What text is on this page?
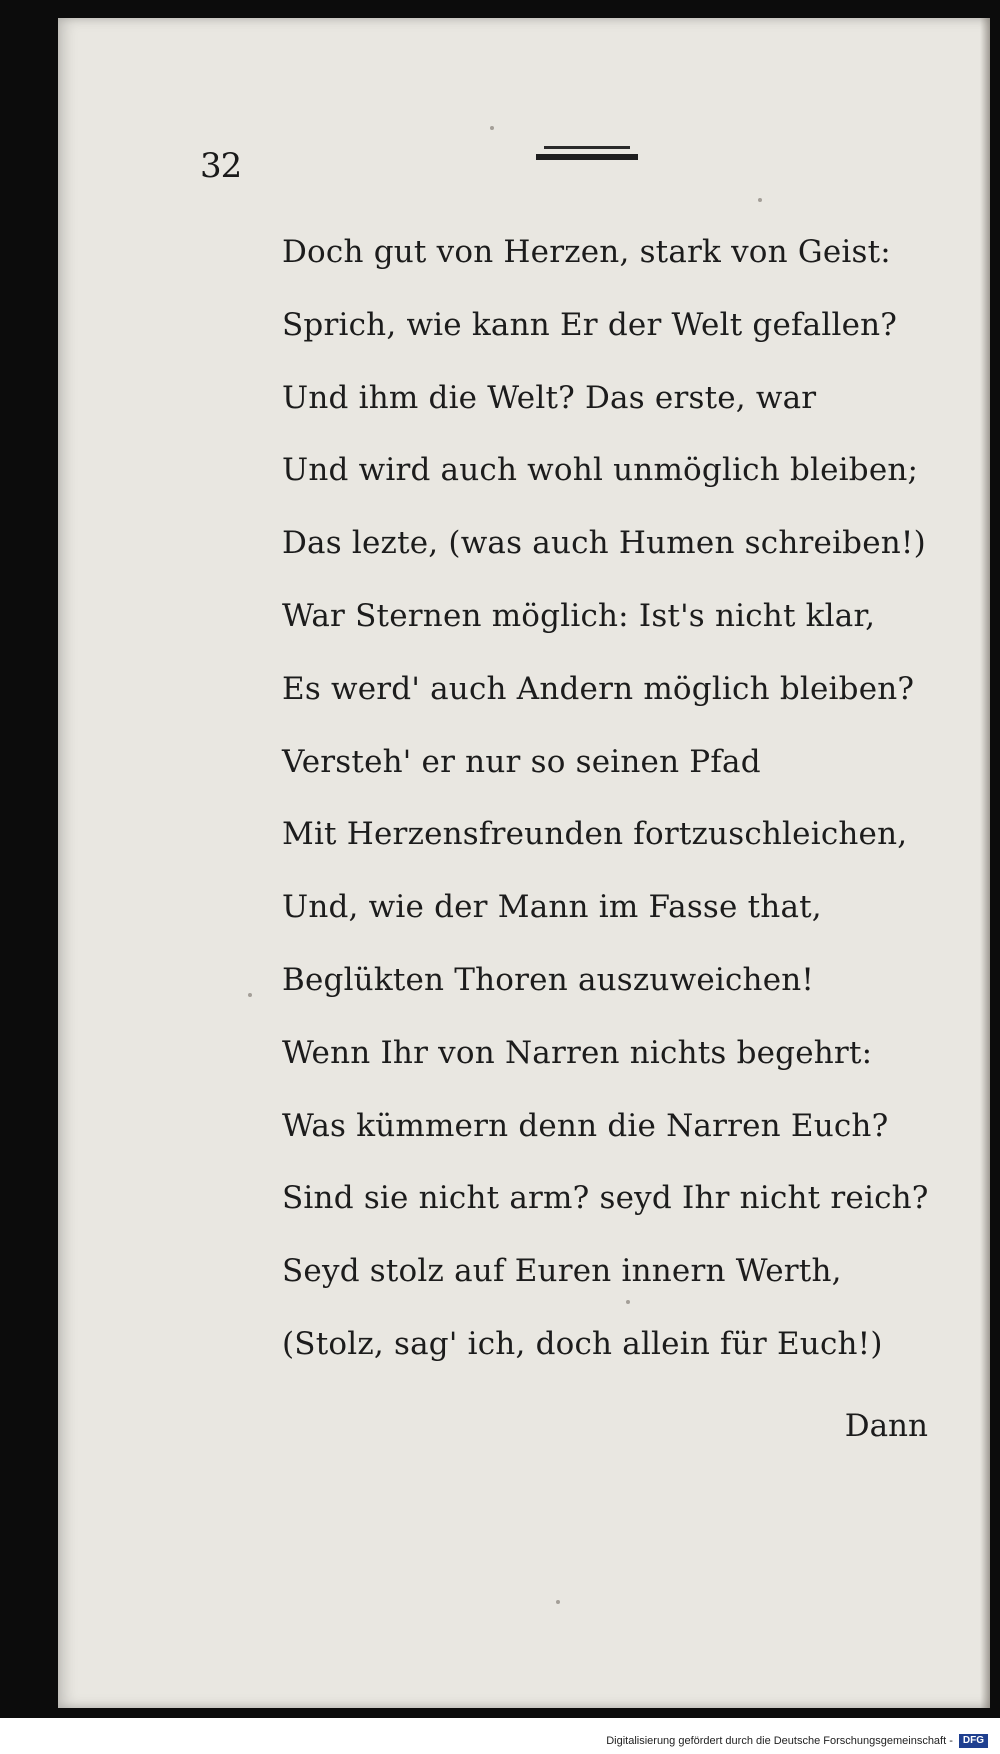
32
Doch gut von Herzen, stark von Geist:
Sprich, wie kann Er der Welt gefallen?
Und ihm die Welt? Das erste, war
Und wird auch wohl unmöglich bleiben;
Das lezte, (was auch Humen schreiben!)
War Sternen möglich: Ist's nicht klar,
Es werd' auch Andern möglich bleiben?
Versteh' er nur so seinen Pfad
Mit Herzensfreunden fortzuschleichen,
Und, wie der Mann im Fasse that,
Beglükten Thoren auszuweichen!
Wenn Ihr von Narren nichts begehrt:
Was kümmern denn die Narren Euch?
Sind sie nicht arm? seyd Ihr nicht reich?
Seyd stolz auf Euren innern Werth,
(Stolz, sag' ich, doch allein für Euch!)
Dann
Digitalisierung gefördert durch die Deutsche Forschungsgemeinschaft -	DFG
